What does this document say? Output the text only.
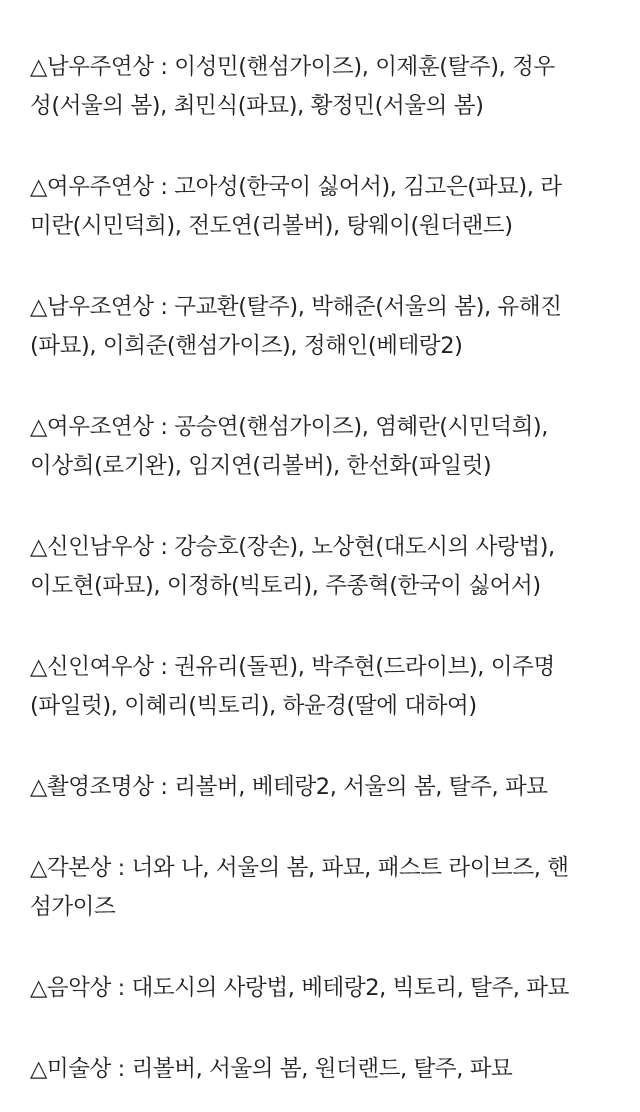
△남우주연상 : 이성민(핸섬가이즈), 이제훈(탈주), 정우
성(서울의 봄), 최민식(파묘), 황정민(서울의 봄)

△여우주연상 : 고아성(한국이 싫어서), 김고은(파묘), 라
미란(시민덕희), 전도연(리볼버), 탕웨이(원더랜드)

△남우조연상 : 구교환(탈주), 박해준(서울의 봄), 유해진
(파묘), 이희준(핸섬가이즈), 정해인(베테랑2)

△여우조연상 : 공승연(핸섬가이즈), 염혜란(시민덕희),
이상희(로기완), 임지연(리볼버), 한선화(파일럿)

△신인남우상 : 강승호(장손), 노상현(대도시의 사랑법),
이도현(파묘), 이정하(빅토리), 주종혁(한국이 싫어서)

△신인여우상 : 권유리(돌핀), 박주현(드라이브), 이주명
(파일럿), 이혜리(빅토리), 하윤경(딸에 대하여)

△촬영조명상 : 리볼버, 베테랑2, 서울의 봄, 탈주, 파묘

△각본상 : 너와 나, 서울의 봄, 파묘, 패스트 라이브즈, 핸
섬가이즈

△음악상 : 대도시의 사랑법, 베테랑2, 빅토리, 탈주, 파묘

△미술상 : 리볼버, 서울의 봄, 원더랜드, 탈주, 파묘
